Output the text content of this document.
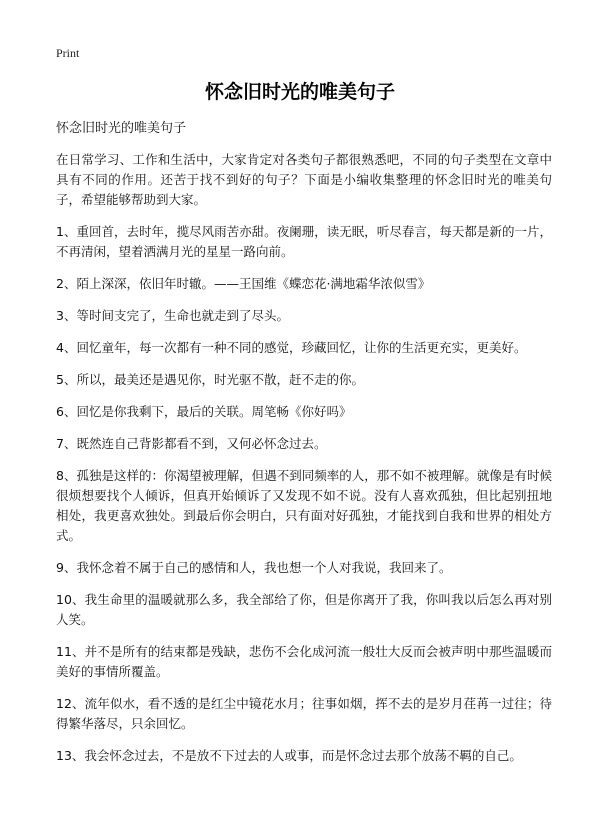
Print
怀念旧时光的唯美句子
怀念旧时光的唯美句子

在日常学习、工作和生活中，大家肯定对各类句子都很熟悉吧，不同的句子类型在文章中具有不同的作用。还苦于找不到好的句子？下面是小编收集整理的怀念旧时光的唯美句子，希望能够帮助到大家。

1、重回首，去时年，揽尽风雨苦亦甜。夜阑珊，读无眠，听尽春言，每天都是新的一片，不再清闲，望着洒满月光的星星一路向前。

2、陌上深深，依旧年时辙。——王国维《蝶恋花·满地霜华浓似雪》

3、等时间支完了，生命也就走到了尽头。

4、回忆童年，每一次都有一种不同的感觉，珍藏回忆，让你的生活更充实，更美好。

5、所以，最美还是遇见你，时光驱不散，赶不走的你。

6、回忆是你我剩下，最后的关联。周笔畅《你好吗》

7、既然连自己背影都看不到，又何必怀念过去。

8、孤独是这样的：你渴望被理解，但遇不到同频率的人，那不如不被理解。就像是有时候很烦想要找个人倾诉，但真开始倾诉了又发现不如不说。没有人喜欢孤独，但比起别扭地相处，我更喜欢独处。到最后你会明白，只有面对好孤独，才能找到自我和世界的相处方式。

9、我怀念着不属于自己的感情和人，我也想一个人对我说，我回来了。

10、我生命里的温暖就那么多，我全部给了你，但是你离开了我，你叫我以后怎么再对别人笑。

11、并不是所有的结束都是残缺，悲伤不会化成河流一般壮大反而会被声明中那些温暖而美好的事情所覆盖。

12、流年似水，看不透的是红尘中镜花水月；往事如烟，挥不去的是岁月荏苒一过往；待得繁华落尽，只余回忆。

13、我会怀念过去，不是放不下过去的人或事，而是怀念过去那个放荡不羁的自己。
